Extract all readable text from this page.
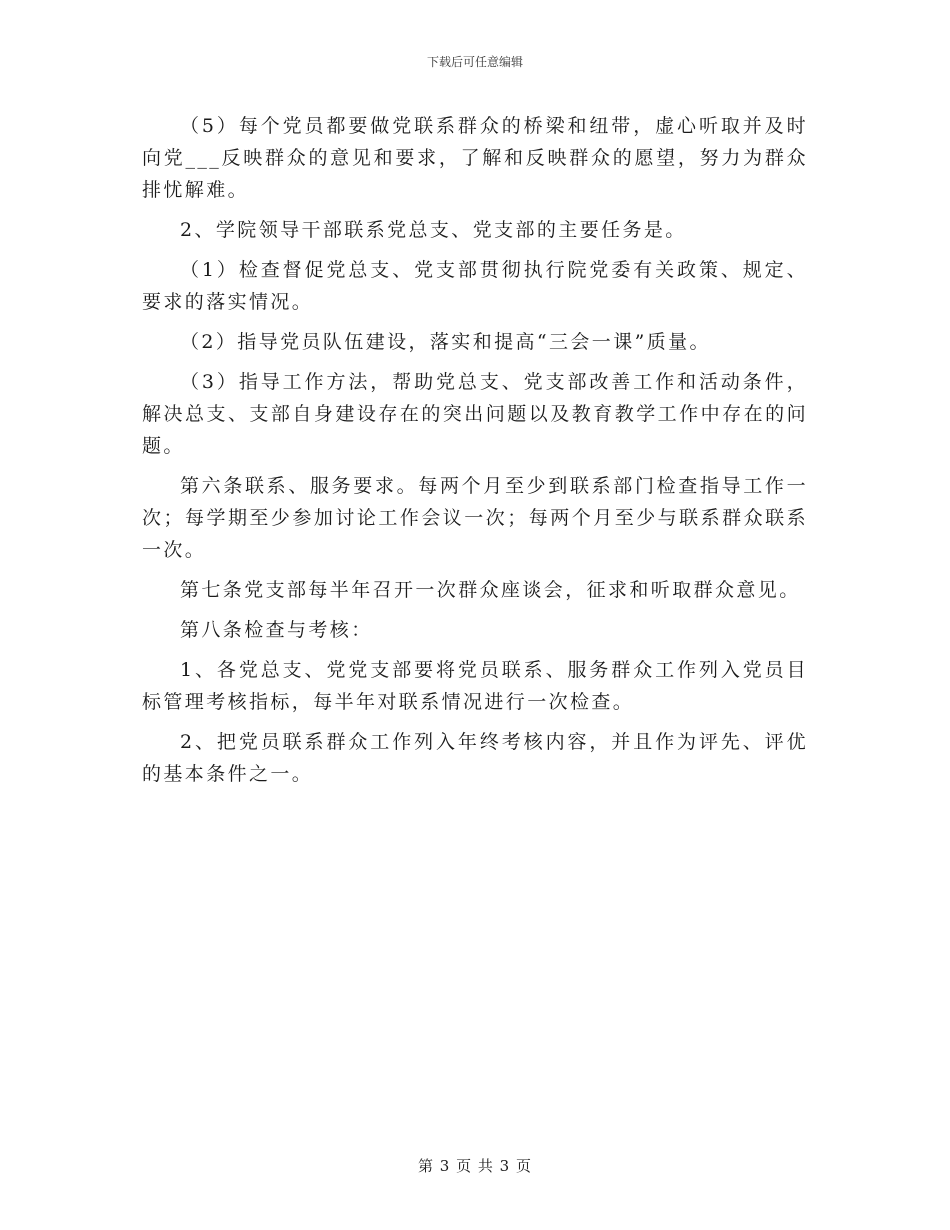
下载后可任意编辑

（5）每个党员都要做党联系群众的桥梁和纽带，虚心听取并及时向党___反映群众的意见和要求，了解和反映群众的愿望，努力为群众排忧解难。

2、学院领导干部联系党总支、党支部的主要任务是。

（1）检查督促党总支、党支部贯彻执行院党委有关政策、规定、要求的落实情况。

（2）指导党员队伍建设，落实和提高“三会一课”质量。

（3）指导工作方法，帮助党总支、党支部改善工作和活动条件，解决总支、支部自身建设存在的突出问题以及教育教学工作中存在的问题。

第六条联系、服务要求。每两个月至少到联系部门检查指导工作一次；每学期至少参加讨论工作会议一次；每两个月至少与联系群众联系一次。

第七条党支部每半年召开一次群众座谈会，征求和听取群众意见。

第八条检查与考核：

1、各党总支、党党支部要将党员联系、服务群众工作列入党员目标管理考核指标，每半年对联系情况进行一次检查。

2、把党员联系群众工作列入年终考核内容，并且作为评先、评优的基本条件之一。

第 3 页 共 3 页
